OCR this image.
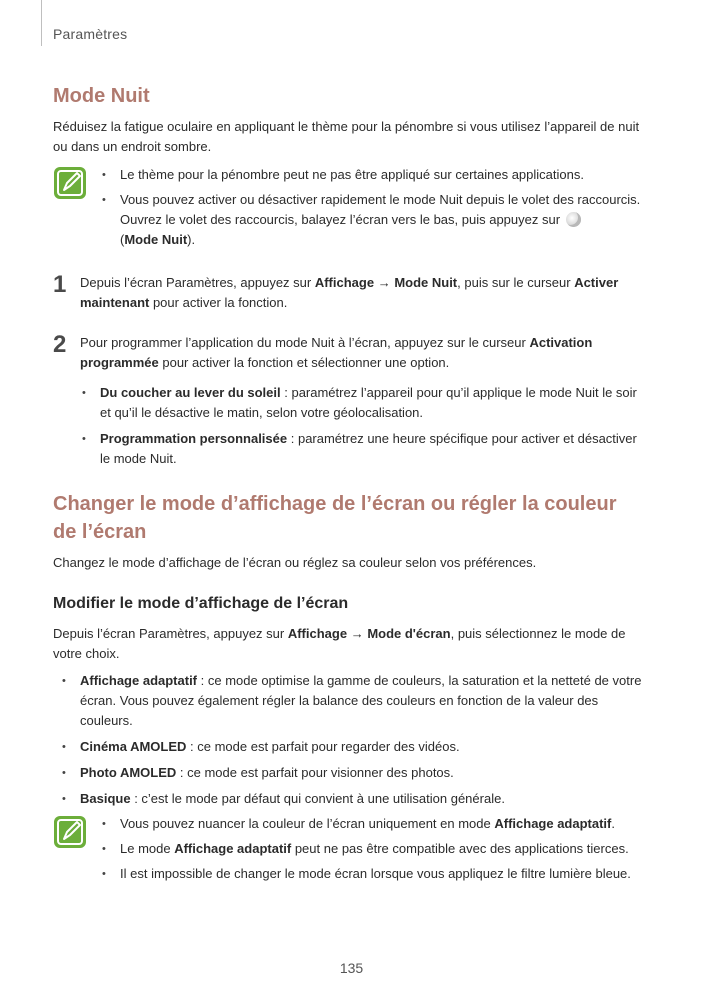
Paramètres
Mode Nuit

Réduisez la fatigue oculaire en appliquant le thème pour la pénombre si vous utilisez l’appareil de nuit ou dans un endroit sombre.

• Le thème pour la pénombre peut ne pas être appliqué sur certaines applications.
• Vous pouvez activer ou désactiver rapidement le mode Nuit depuis le volet des raccourcis. Ouvrez le volet des raccourcis, balayez l’écran vers le bas, puis appuyez sur
(Mode Nuit).
1 Depuis l’écran Paramètres, appuyez sur Affichage → Mode Nuit, puis sur le curseur Activer maintenant pour activer la fonction.

2 Pour programmer l’application du mode Nuit à l’écran, appuyez sur le curseur Activation programmée pour activer la fonction et sélectionner une option.

• Du coucher au lever du soleil : paramétrez l’appareil pour qu’il applique le mode Nuit le soir et qu’il le désactive le matin, selon votre géolocalisation.
• Programmation personnalisée : paramétrez une heure spécifique pour activer et désactiver le mode Nuit.
Changer le mode d’affichage de l’écran ou régler la couleur de l’écran

Changez le mode d’affichage de l’écran ou réglez sa couleur selon vos préférences.

Modifier le mode d’affichage de l’écran

Depuis l’écran Paramètres, appuyez sur Affichage → Mode d'écran, puis sélectionnez le mode de votre choix.

• Affichage adaptatif : ce mode optimise la gamme de couleurs, la saturation et la netteté de votre écran. Vous pouvez également régler la balance des couleurs en fonction de la valeur des couleurs.
• Cinéma AMOLED : ce mode est parfait pour regarder des vidéos.
• Photo AMOLED : ce mode est parfait pour visionner des photos.
• Basique : c’est le mode par défaut qui convient à une utilisation générale.
• Vous pouvez nuancer la couleur de l’écran uniquement en mode Affichage adaptatif.
• Le mode Affichage adaptatif peut ne pas être compatible avec des applications tierces.
• Il est impossible de changer le mode écran lorsque vous appliquez le filtre lumière bleue.
135
